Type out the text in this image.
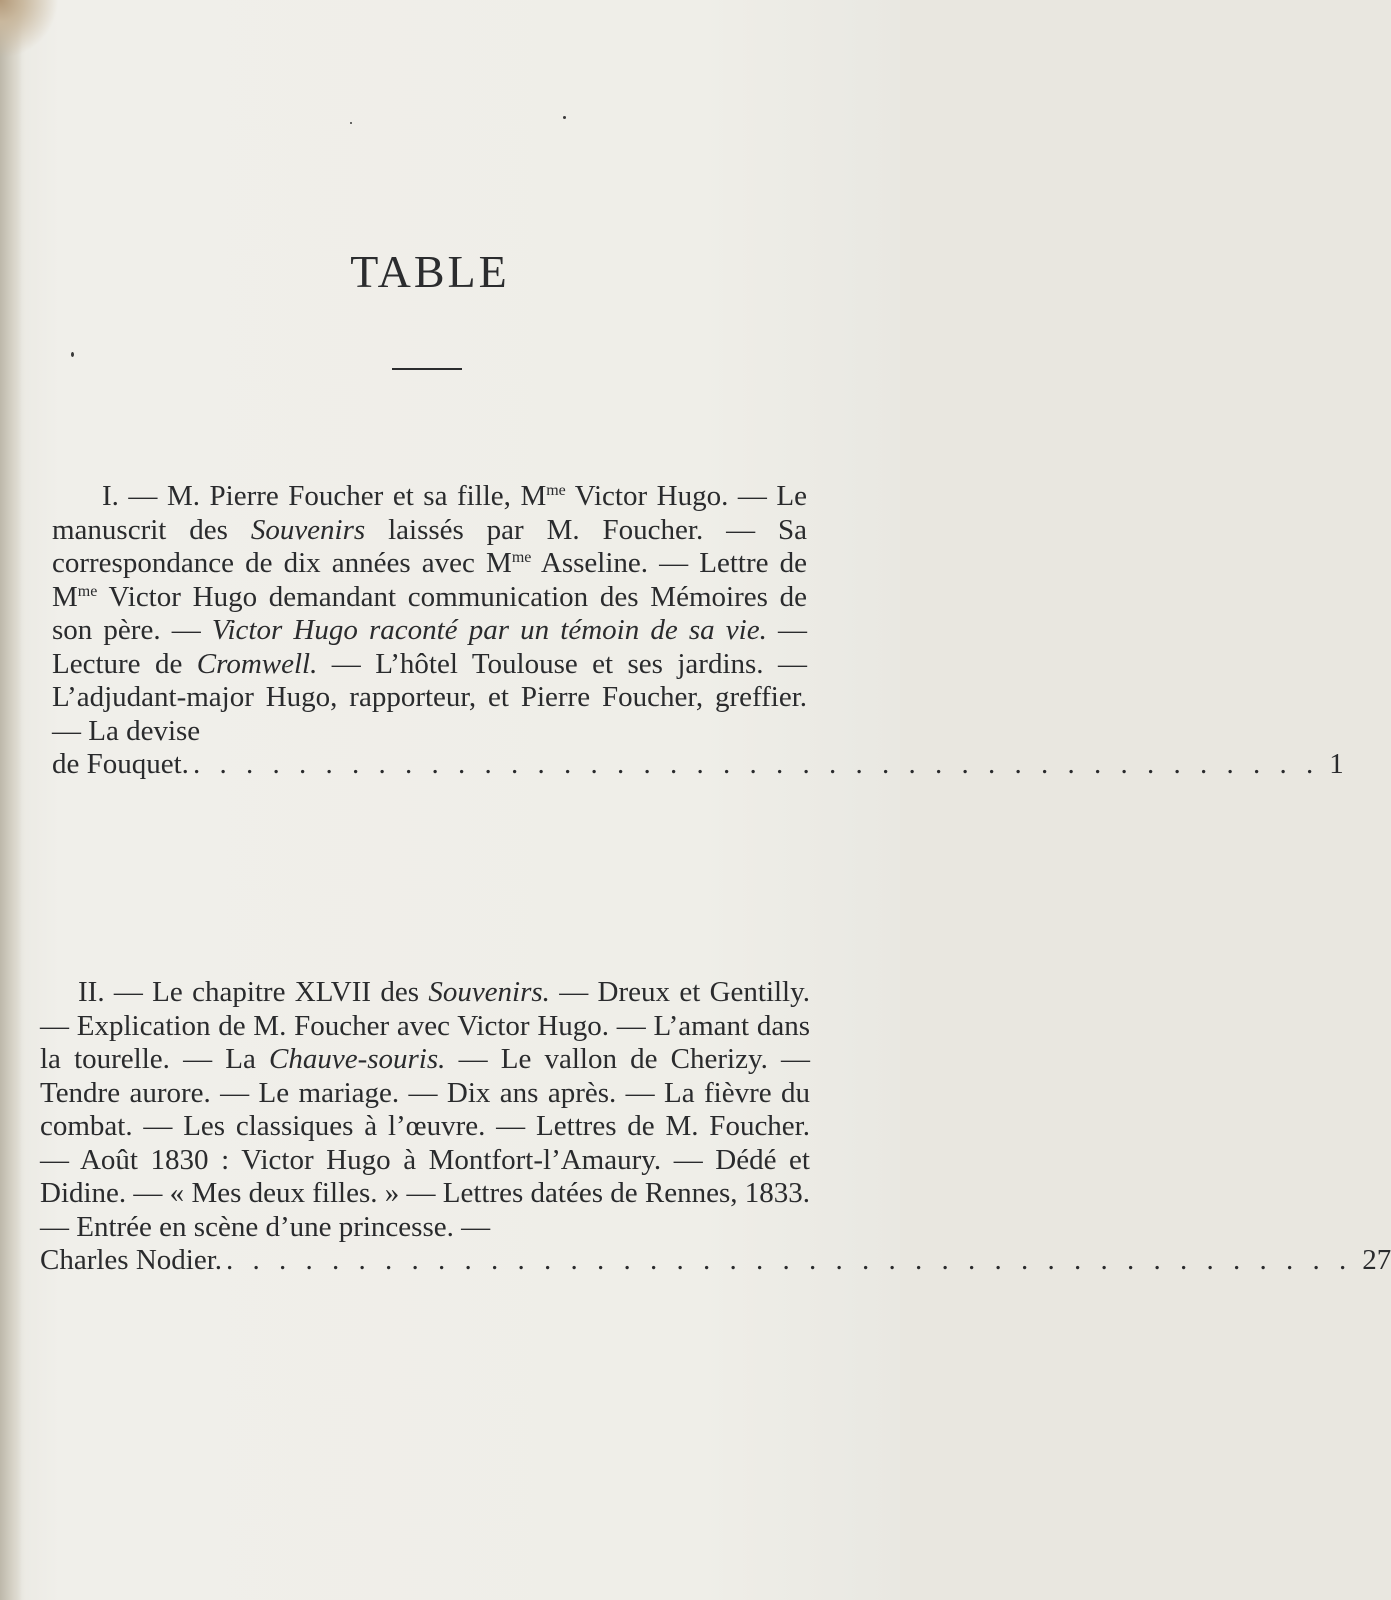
TABLE
I. — M. Pierre Foucher et sa fille, $M^{me}$ Victor Hugo. — Le manuscrit des Souvenirs laissés par M. Foucher. — Sa correspondance de dix années avec $M^{me}$ Asseline. — Lettre de $M^{me}$ Victor Hugo demandant communication des Mémoires de son père. — Victor Hugo raconté par un témoin de sa vie. — Lecture de Cromwell. — L’hôtel Toulouse et ses jardins. — L’adjudant-major Hugo, rapporteur, et Pierre Foucher, greffier. — La devise
de Fouquet. . . . . . . . . . . . . . . . . . . . . . . . . . . . . . . . . . . . . . . . . . . . 1
II. — Le chapitre XLVII des Souvenirs. — Dreux et Gentilly. — Explication de M. Foucher avec Victor Hugo. — L’amant dans la tourelle. — La Chauve-souris. — Le vallon de Cherizy. — Tendre aurore. — Le mariage. — Dix ans après. — La fièvre du combat. — Les classiques à l’œuvre. — Lettres de M. Foucher. — Août 1830 : Victor Hugo à Montfort-l’Amaury. — Dédé et Didine. — « Mes deux filles. » — Lettres datées de Rennes, 1833. — Entrée en scène d’une princesse. —
Charles Nodier. . . . . . . . . . . . . . . . . . . . . . . . . . . . . . . . . . . . . . . . . . . . 27
